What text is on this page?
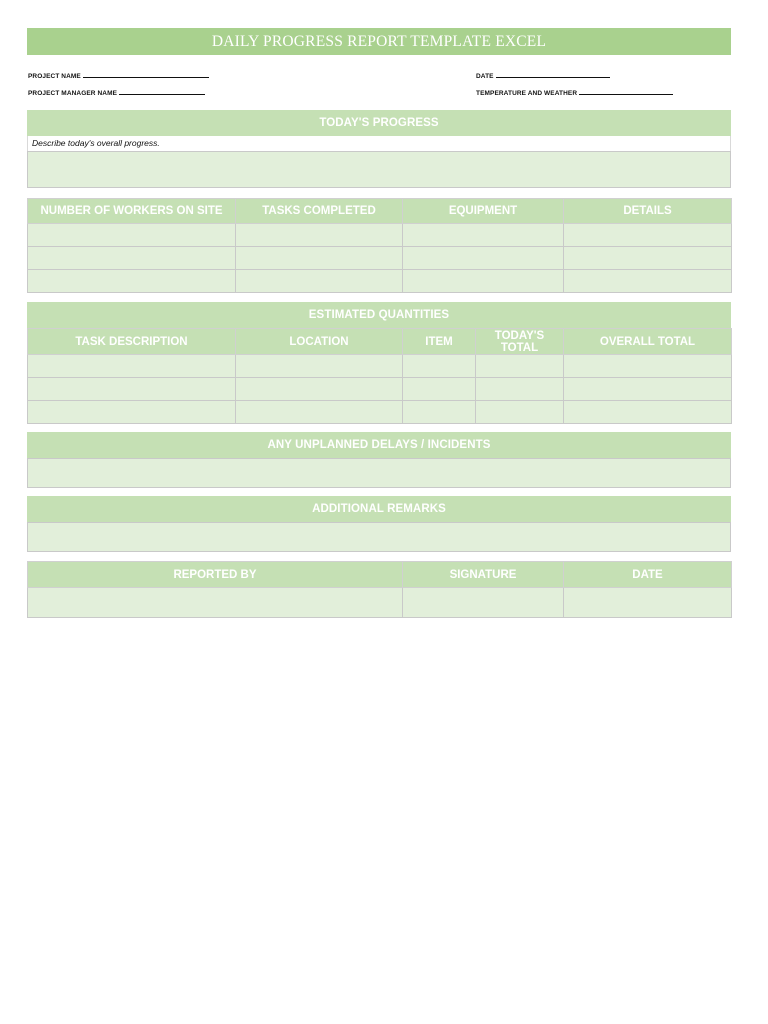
DAILY PROGRESS REPORT TEMPLATE EXCEL
PROJECT NAME
PROJECT MANAGER NAME
DATE
TEMPERATURE AND WEATHER
TODAY'S PROGRESS
Describe today's overall progress.
NUMBER OF WORKERS ON SITE	TASKS COMPLETED	EQUIPMENT	DETAILS

ESTIMATED QUANTITIES
TASK DESCRIPTION	LOCATION	ITEM	TODAY'S TOTAL	OVERALL TOTAL

ANY UNPLANNED DELAYS / INCIDENTS
ADDITIONAL REMARKS
REPORTED BY	SIGNATURE	DATE
